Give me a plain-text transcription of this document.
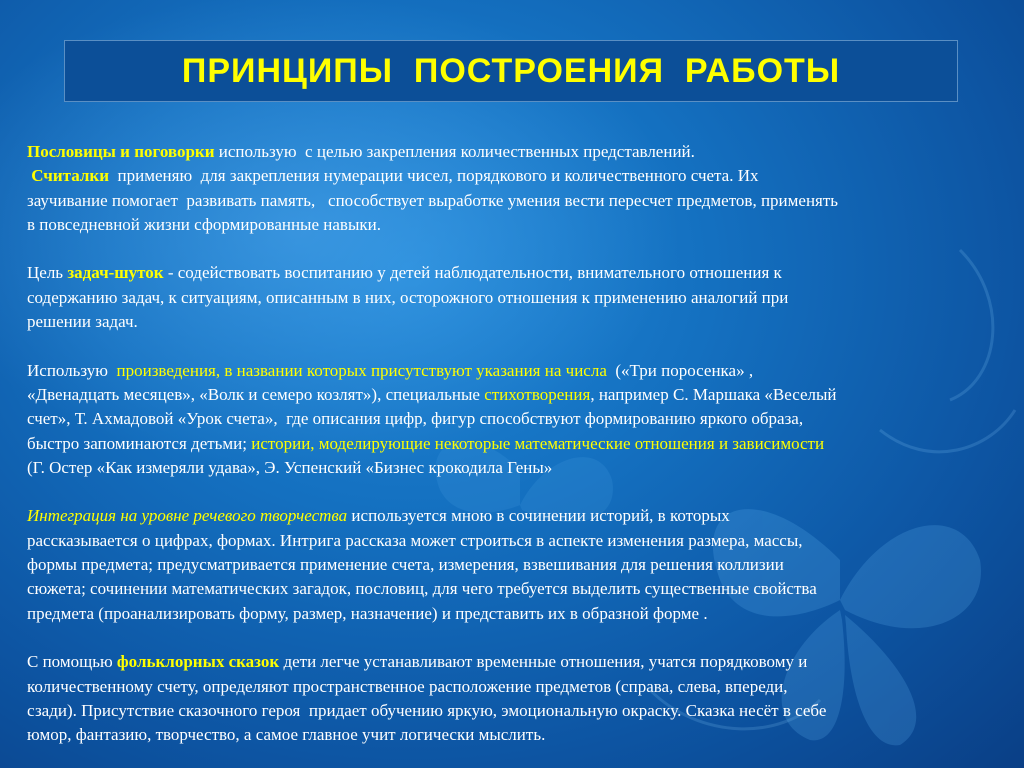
ПРИНЦИПЫ  ПОСТРОЕНИЯ  РАБОТЫ
Пословицы и поговорки использую  с целью закрепления количественных представлений.
Считалки  применяю  для закрепления нумерации чисел, порядкового и количественного счета. Их
заучивание помогает  развивать память,   способствует выработке умения вести пересчет предметов, применять
в повседневной жизни сформированные навыки.
Цель задач-шуток - содействовать воспитанию у детей наблюдательности, внимательного отношения к
содержанию задач, к ситуациям, описанным в них, осторожного отношения к применению аналогий при
решении задач.
Использую  произведения, в названии которых присутствуют указания на числа  («Три поросенка» ,
«Двенадцать месяцев», «Волк и семеро козлят»), специальные стихотворения, например С. Маршака «Веселый
счет», Т. Ахмадовой «Урок счета»,  где описания цифр, фигур способствуют формированию яркого образа,
быстро запоминаются детьми; истории, моделирующие некоторые математические отношения и зависимости
(Г. Остер «Как измеряли удава», Э. Успенский «Бизнес крокодила Гены»
Интеграция на уровне речевого творчества используется мною в сочинении историй, в которых
рассказывается о цифрах, формах. Интрига рассказа может строиться в аспекте изменения размера, массы,
формы предмета; предусматривается применение счета, измерения, взвешивания для решения коллизии
сюжета; сочинении математических загадок, пословиц, для чего требуется выделить существенные свойства
предмета (проанализировать форму, размер, назначение) и представить их в образной форме .
С помощью фольклорных сказок дети легче устанавливают временные отношения, учатся порядковому и
количественному счету, определяют пространственное расположение предметов (справа, слева, впереди,
сзади). Присутствие сказочного героя  придает обучению яркую, эмоциональную окраску. Сказка несёт в себе
юмор, фантазию, творчество, а самое главное учит логически мыслить.
